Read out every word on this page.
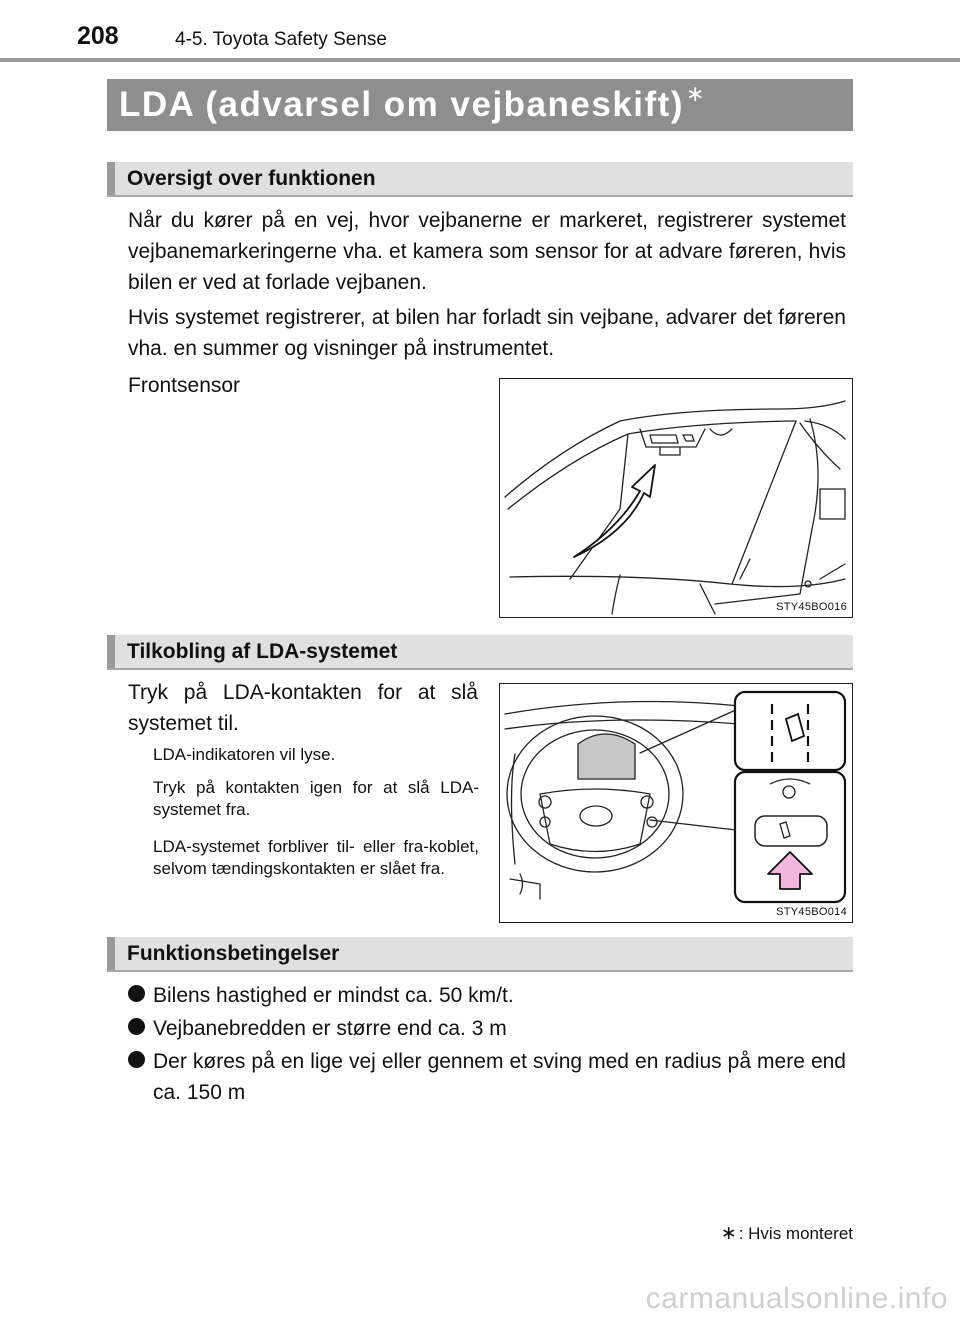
208	4-5. Toyota Safety Sense
LDA (advarsel om vejbaneskift)∗
Oversigt over funktionen

Når du kører på en vej, hvor vejbanerne er markeret, registrerer systemet vejbanemarkeringerne vha. et kamera som sensor for at advare føreren, hvis bilen er ved at forlade vejbanen.

Hvis systemet registrerer, at bilen har forladt sin vejbane, advarer det føreren vha. en summer og visninger på instrumentet.

Frontsensor

STY45BO016
Tilkobling af LDA-systemet

Tryk på LDA-kontakten for at slå systemet til.

LDA-indikatoren vil lyse.

Tryk på kontakten igen for at slå LDA-systemet fra.

LDA-systemet forbliver til- eller fra-koblet, selvom tændingskontakten er slået fra.

STY45BO014
Funktionsbetingelser
Bilens hastighed er mindst ca. 50 km/t.
Vejbanebredden er større end ca. 3 m
Der køres på en lige vej eller gennem et sving med en radius på mere end ca. 150 m
∗ : Hvis monteret
carmanualsonline.info
